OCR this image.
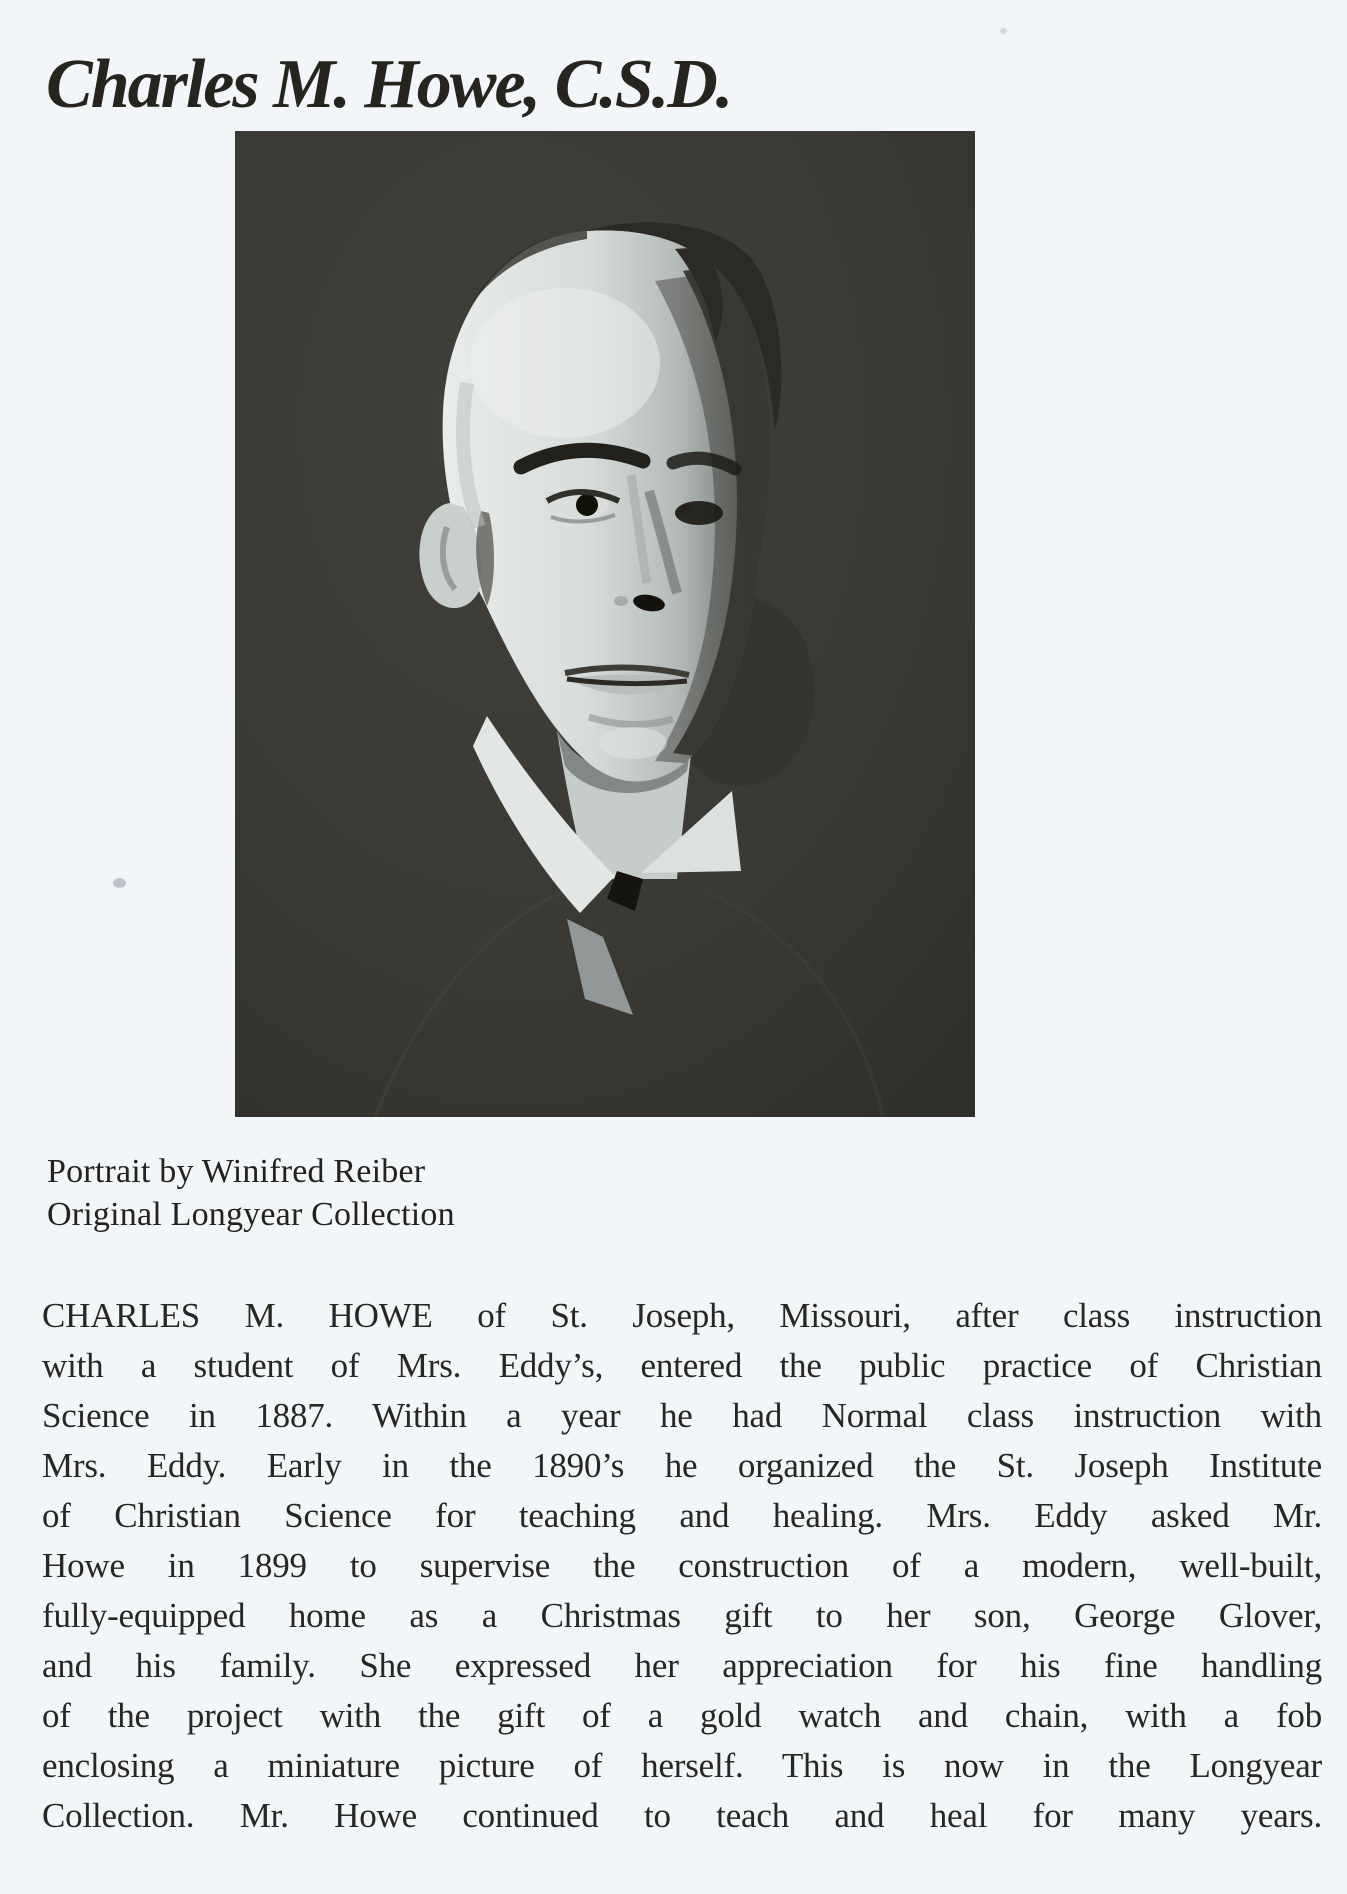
Charles M. Howe, C.S.D.
Portrait by Winifred Reiber
Original Longyear Collection
CHARLES M. HOWE of St. Joseph, Missouri, after class instruction
with a student of Mrs. Eddy’s, entered the public practice of Christian
Science in 1887. Within a year he had Normal class instruction with
Mrs. Eddy. Early in the 1890’s he organized the St. Joseph Institute
of Christian Science for teaching and healing. Mrs. Eddy asked Mr.
Howe in 1899 to supervise the construction of a modern, well-built,
fully-equipped home as a Christmas gift to her son, George Glover,
and his family. She expressed her appreciation for his fine handling
of the project with the gift of a gold watch and chain, with a fob
enclosing a miniature picture of herself. This is now in the Longyear
Collection. Mr. Howe continued to teach and heal for many years.
